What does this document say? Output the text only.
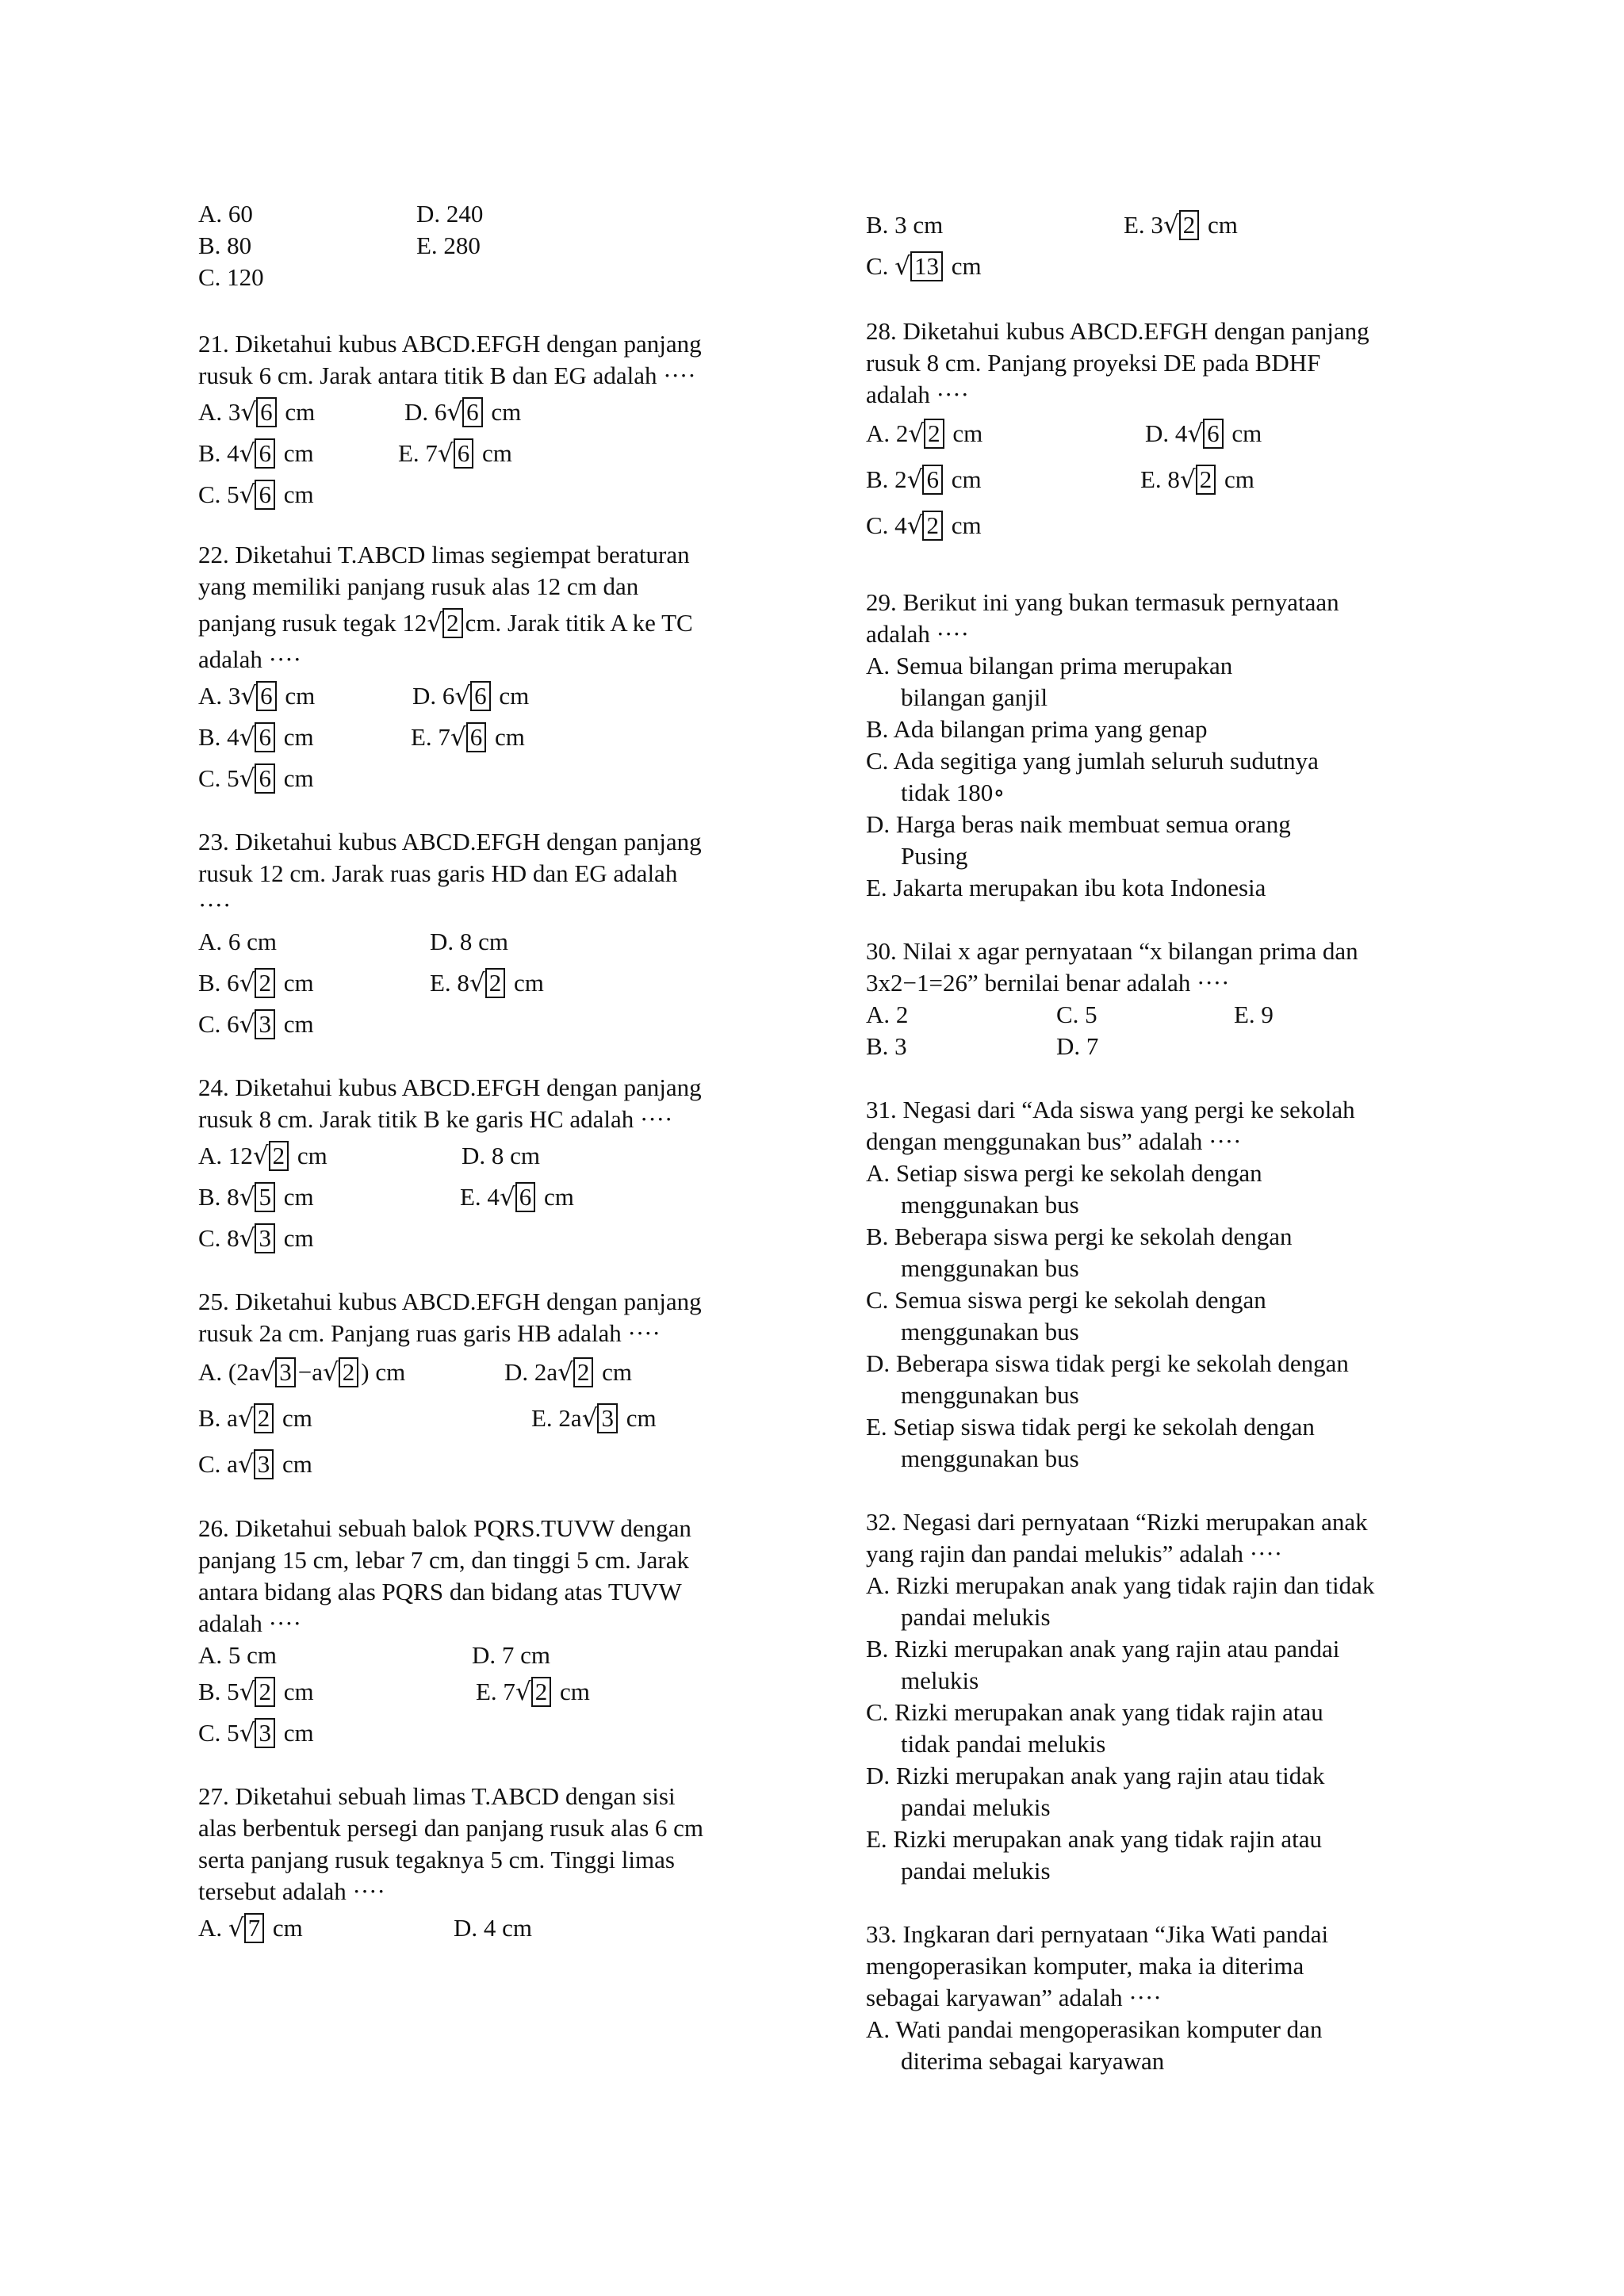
A. 60	D. 240
B. 80	E. 280
C. 120

21. Diketahui kubus ABCD.EFGH dengan panjang

rusuk 6 cm. Jarak antara titik B dan EG adalah ····

A. 3√ 6 cm	D. 6√ 6 cm
B. 4√ 6 cm	E. 7√ 6 cm
C. 5√ 6 cm

22. Diketahui T.ABCD limas segiempat beraturan

yang memiliki panjang rusuk alas 12 cm dan

panjang rusuk tegak 12 √ 2 cm. Jarak titik A ke TC

adalah ····

A. 3√ 6 cm	D. 6√ 6 cm
B. 4√ 6 cm	E. 7√ 6 cm
C. 5√ 6 cm

23. Diketahui kubus ABCD.EFGH dengan panjang

rusuk 12 cm. Jarak ruas garis HD dan EG adalah

····

A. 6 cm	D. 8 cm
B. 6√ 2 cm	E. 8√ 2 cm
C. 6√ 3 cm

24. Diketahui kubus ABCD.EFGH dengan panjang

rusuk 8 cm. Jarak titik B ke garis HC adalah ····

A. 12√ 2 cm	D. 8 cm
B. 8√ 5 cm	E. 4√ 6 cm
C. 8√ 3 cm

25. Diketahui kubus ABCD.EFGH dengan panjang

rusuk 2a cm. Panjang ruas garis HB adalah ····

A. (2a√ 3 −a√ 2 ) cm	D. 2a√ 2 cm
B. a√ 2 cm	E. 2a√ 3 cm
C. a√ 3 cm

26. Diketahui sebuah balok PQRS.TUVW dengan

panjang 15 cm, lebar 7 cm, dan tinggi 5 cm. Jarak

antara bidang alas PQRS dan bidang atas TUVW

adalah ····

A. 5 cm	D. 7 cm
B. 5√ 2 cm	E. 7√ 2 cm
C. 5√ 3 cm

27. Diketahui sebuah limas T.ABCD dengan sisi

alas berbentuk persegi dan panjang rusuk alas 6 cm

serta panjang rusuk tegaknya 5 cm. Tinggi limas

tersebut adalah ····

A. √ 7 cm	D. 4 cm
B. 3 cm	E. 3√ 2 cm
C. √ 13 cm

28. Diketahui kubus ABCD.EFGH dengan panjang

rusuk 8 cm. Panjang proyeksi DE pada BDHF

adalah ····

A. 2√ 2 cm	D. 4√ 6 cm
B. 2√ 6 cm	E. 8√ 2 cm
C. 4√ 2 cm

29. Berikut ini yang bukan termasuk pernyataan

adalah ····

A. Semua bilangan prima merupakan

bilangan ganjil

B. Ada bilangan prima yang genap

C. Ada segitiga yang jumlah seluruh sudutnya

tidak 180∘

D. Harga beras naik membuat semua orang

Pusing

E. Jakarta merupakan ibu kota Indonesia

30. Nilai x agar pernyataan “x bilangan prima dan

3x2−1=26” bernilai benar adalah ····

A. 2	C. 5	E. 9
B. 3	D. 7

31. Negasi dari “Ada siswa yang pergi ke sekolah

dengan menggunakan bus” adalah ····

A. Setiap siswa pergi ke sekolah dengan

menggunakan bus

B. Beberapa siswa pergi ke sekolah dengan

menggunakan bus

C. Semua siswa pergi ke sekolah dengan

menggunakan bus

D. Beberapa siswa tidak pergi ke sekolah dengan

menggunakan bus

E. Setiap siswa tidak pergi ke sekolah dengan

menggunakan bus

32. Negasi dari pernyataan “Rizki merupakan anak

yang rajin dan pandai melukis” adalah ····

A. Rizki merupakan anak yang tidak rajin dan tidak

pandai melukis

B. Rizki merupakan anak yang rajin atau pandai

melukis

C. Rizki merupakan anak yang tidak rajin atau

tidak pandai melukis

D. Rizki merupakan anak yang rajin atau tidak

pandai melukis

E. Rizki merupakan anak yang tidak rajin atau

pandai melukis

33. Ingkaran dari pernyataan “Jika Wati pandai

mengoperasikan komputer, maka ia diterima

sebagai karyawan” adalah ····

A. Wati pandai mengoperasikan komputer dan

diterima sebagai karyawan
